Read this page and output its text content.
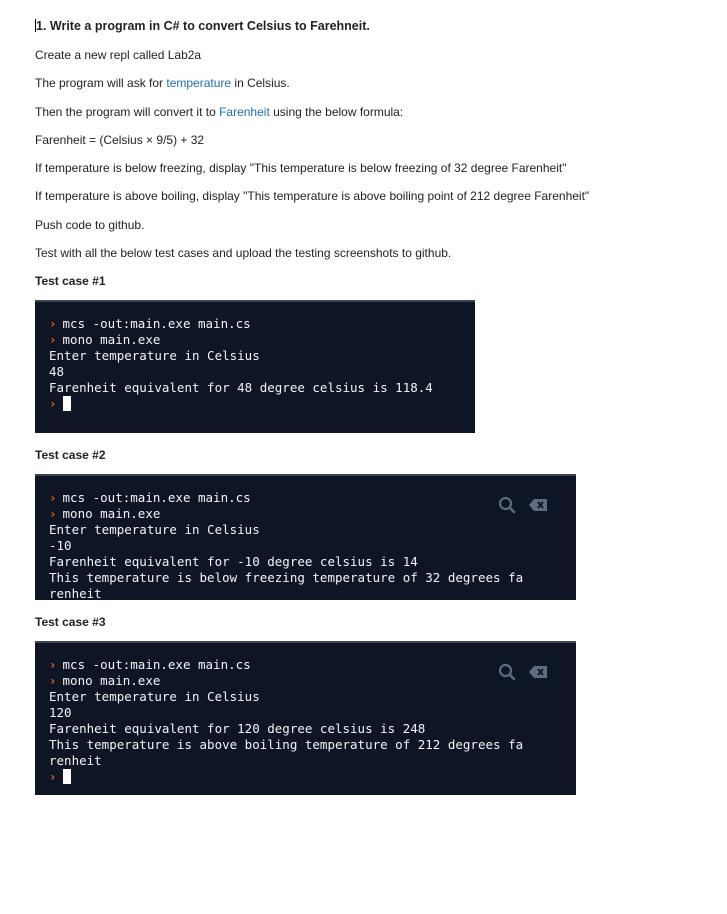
1. Write a program in C# to convert Celsius to Farehneit.

Create a new repl called Lab2a

The program will ask for temperature in Celsius.

Then the program will convert it to Farenheit using the below formula:

Farenheit = (Celsius × 9/5) + 32

If temperature is below freezing, display "This temperature is below freezing of 32 degree Farenheit"

If temperature is above boiling, display "This temperature is above boiling point of 212 degree Farenheit"

Push code to github.

Test with all the below test cases and upload the testing screenshots to github.

Test case #1

Test case #2

Test case #3

› mcs -out:main.exe main.cs

› mono main.exe

Enter temperature in Celsius

48

Farenheit equivalent for 48 degree celsius is 118.4

›

› mcs -out:main.exe main.cs

› mono main.exe

Enter temperature in Celsius

-10

Farenheit equivalent for -10 degree celsius is 14

This temperature is below freezing temperature of 32 degrees fa

renheit

› mcs -out:main.exe main.cs

› mono main.exe

Enter temperature in Celsius

120

Farenheit equivalent for 120 degree celsius is 248

This temperature is above boiling temperature of 212 degrees fa

renheit

›
